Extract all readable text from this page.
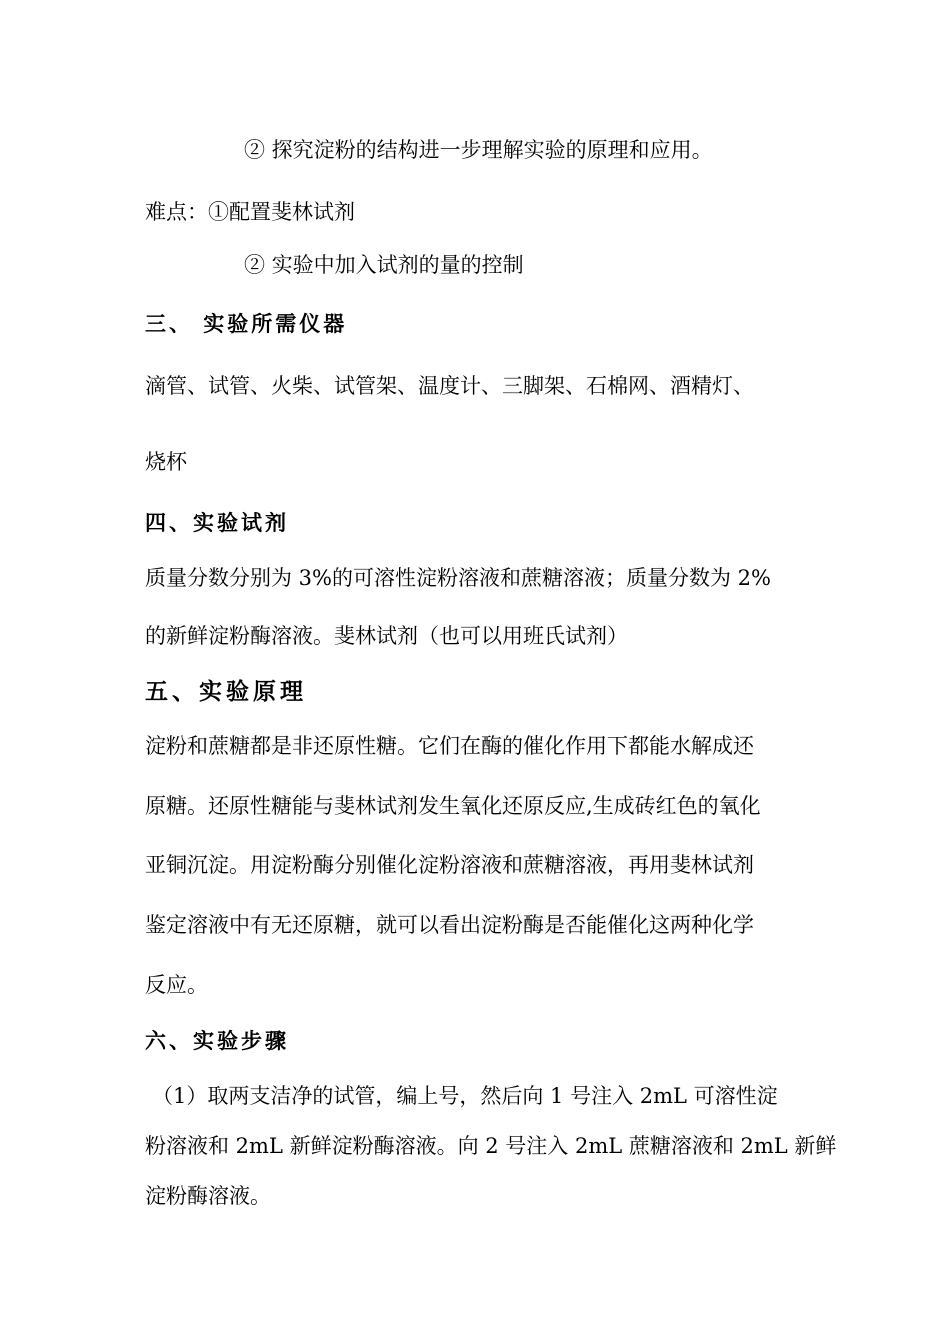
② 探究淀粉的结构进一步理解实验的原理和应用。
难点：①配置斐林试剂
② 实验中加入试剂的量的控制
三、 实验所需仪器
滴管、试管、火柴、试管架、温度计、三脚架、石棉网、酒精灯、
烧杯
四、实验试剂
质量分数分别为 3%的可溶性淀粉溶液和蔗糖溶液；质量分数为 2%
的新鲜淀粉酶溶液。斐林试剂（也可以用班氏试剂）
五、实验原理
淀粉和蔗糖都是非还原性糖。它们在酶的催化作用下都能水解成还
原糖。还原性糖能与斐林试剂发生氧化还原反应,生成砖红色的氧化
亚铜沉淀。用淀粉酶分别催化淀粉溶液和蔗糖溶液，再用斐林试剂
鉴定溶液中有无还原糖，就可以看出淀粉酶是否能催化这两种化学
反应。
六、实验步骤
（1）取两支洁净的试管，编上号，然后向 1 号注入 2mL 可溶性淀
粉溶液和 2mL 新鲜淀粉酶溶液。向 2 号注入 2mL 蔗糖溶液和 2mL 新鲜
淀粉酶溶液。
